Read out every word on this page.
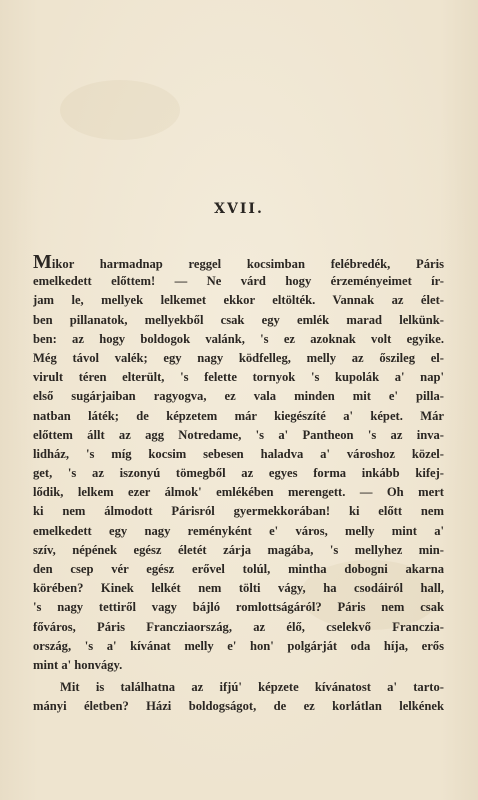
XVII.
Mikor harmadnap reggel kocsimban felébredék, Páris
emelkedett előttem! — Ne várd hogy érzeményeimet ír-
jam le, mellyek lelkemet ekkor eltölték. Vannak az élet-
ben pillanatok, mellyekből csak egy emlék marad lelkünk-
ben: az hogy boldogok valánk, 's ez azoknak volt egyike.
Még távol valék; egy nagy ködfelleg, melly az őszileg el-
virult téren elterült, 's felette tornyok 's kupolák a' nap'
első sugárjaiban ragyogva, ez vala minden mit e' pilla-
natban láték; de képzetem már kiegészíté a' képet. Már
előttem állt az agg Notredame, 's a' Pantheon 's az inva-
lidház, 's míg kocsim sebesen haladva a' városhoz közel-
get, 's az iszonyú tömegből az egyes forma inkább kifej-
lődik, lelkem ezer álmok' emlékében merengett. — Oh mert
ki nem álmodott Párisról gyermekkorában! ki előtt nem
emelkedett egy nagy reményként e' város, melly mint a'
szív, népének egész életét zárja magába, 's mellyhez min-
den csep vér egész erővel tolúl, mintha dobogni akarna
körében? Kinek lelkét nem tölti vágy, ha csodáiról hall,
's nagy tettiről vagy bájló romlottságáról? Páris nem csak
főváros, Páris Francziaország, az élő, cselekvő Franczia-
ország, 's a' kívánat melly e' hon' polgárját oda híja, erős
mint a' honvágy.
Mit is találhatna az ifjú' képzete kívánatost a' tarto-
mányi életben? Házi boldogságot, de ez korlátlan lelkének
